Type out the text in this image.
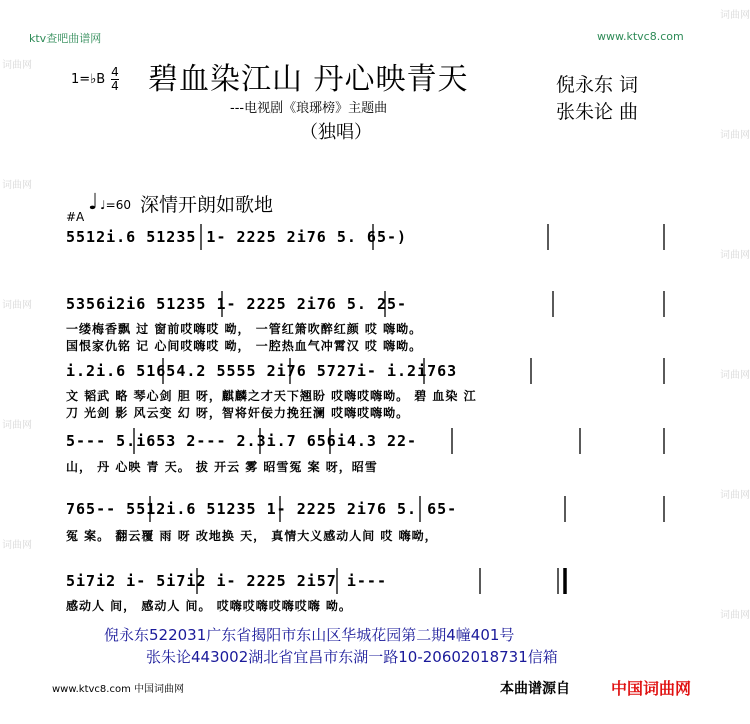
词曲网
词曲网
词曲网
词曲网
词曲网
词曲网
词曲网
词曲网
词曲网
词曲网
词曲网
ktv查吧曲谱网	www.ktvc8.com
1=♭B 4
4 碧血染江山 丹心映青天
---电视剧《琅琊榜》主题曲
（独唱）
倪永东 词
张朱论 曲
♩ ♩=60
#A
深情开朗如歌地
5512i.6 51235 1- 2225 2i76 5. 65-)
5356i2i6 51235 1- 2225 2i76 5. 25-
一缕梅香飘 过 窗前哎嗨哎 呦， 一管红箫吹醉红颜 哎 嗨呦。
国恨家仇铭 记 心间哎嗨哎 呦， 一腔热血气冲霄汉 哎 嗨呦。
i.2i.6 51654.2 5555 2i76 5727i- i.2i763
文 韬武 略 琴心剑 胆 呀，麒麟之才天下翘盼 哎嗨哎嗨呦。 碧 血染 江
刀 光剑 影 风云变 幻 呀，智将奸佞力挽狂澜 哎嗨哎嗨呦。
5--- 5.i653 2--- 2.3i.7 656i4.3 22-
山， 丹 心映 青 天。 拔 开云 雾 昭雪冤 案 呀，昭雪
765-- 5512i.6 51235 1- 2225 2i76 5. 65-
冤 案。 翻云覆 雨 呀 改地换 天， 真情大义感动人间 哎 嗨呦，
5i7i2 i- 5i7i2 i- 2225 2i57 i---
感动人 间， 感动人 间。 哎嗨哎嗨哎嗨哎嗨 呦。
倪永东522031广东省揭阳市东山区华城花园第二期4幢401号
张朱论443002湖北省宜昌市东湖一路10-20602018731信箱
www.ktvc8.com 中国词曲网	本曲谱源自	中国词曲网
